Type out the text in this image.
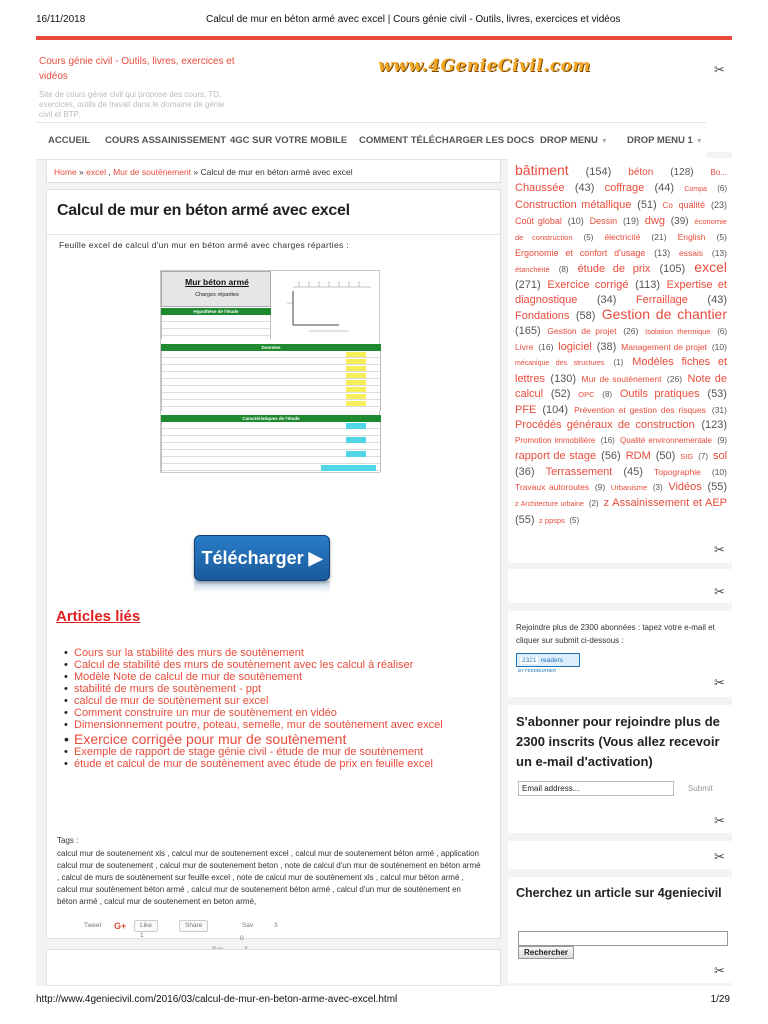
16/11/2018	Calcul de mur en béton armé avec excel | Cours génie civil - Outils, livres, exercices et vidéos
Cours génie civil - Outils, livres, exercices et vidéos
Site de cours génie civil qui propose des cours, TD, exercices, outils de travail dans le domaine de génie civil et BTP.
www.4GenieCivil.com	✂
ACCUEIL COURS ASSAINISSEMENT 4GC SUR VOTRE MOBILE COMMENT TÉLÉCHARGER LES DOCS DROP MENU ▼ DROP MENU 1 ▼
Home » excel , Mur de soutènement » Calcul de mur en béton armé avec excel
Calcul de mur en béton armé avec excel
Feuille excel de calcul d'un mur en béton armé avec charges réparties :
Mur béton armé
Charges réparties
Hypothèse de l'étude
Données
Caractéristiques de l'étude
Télécharger ▶
Articles liés
• Cours sur la stabilité des murs de soutènement
• Calcul de stabilité des murs de soutènement avec les calcul à réaliser
• Modèle Note de calcul de mur de soutènement
• stabilité de murs de soutènement - ppt
• calcul de mur de soutènement sur excel
• Comment construire un mur de soutènement en vidéo
• Dimensionnement poutre, poteau, semelle, mur de soutènement avec excel
• Exercice corrigée pour mur de soutènement
• Exemple de rapport de stage génie civil - étude de mur de soutènement
• étude et calcul de mur de soutènement avec étude de prix en feuille excel
Tags :
calcul mur de soutenement xls , calcul mur de soutenement excel , calcul mur de soutenement béton armé , application calcul mur de soutenement , calcul mur de soutenement beton , note de calcul d'un mur de soutènement en béton armé , calcul de murs de soutènement sur feuille excel , note de calcul mur de soutènement xls , calcul mur béton armé , calcul mur soutènement béton armé , calcul mur de soutenement béton armé , calcul d'un mur de soutènement en béton armé , calcul mur de soutenement en beton armé,
Tweet G+	Like 1
Share	Sav	3
0
bâtiment (154) béton (128) Bo... Chaussée (43) coffrage (44) Compa (6) Construction métallique (51) Co qualité (23) Coût global (10) Dessin (19) dwg (39) économie de construction (5) électricité (21) English (5) Ergonomie et confort d'usage (13) essais (13) étanchéité (8) étude de prix (105) excel (271) Exercice corrigé (113) Expertise et diagnostique (34) Ferraillage (43) Fondations (58) Gestion de chantier (165) Gestion de projet (26) Isolation thermique (6) Livre (16) logiciel (38) Management de projet (10) mécanique des structures (1) Modèles fiches et lettres (130) Mur de soutènement (26) Note de calcul (52) OPC (8) Outils pratiques (53) PFE (104) Prévention et gestion des risques (31) Procédés généraux de construction (123) Promotion immobilière (16) Qualité environnementale (9) rapport de stage (56) RDM (50) SIG (7) sol (36) Terrassement (45) Topographie (10) Travaux autoroutes (9) Urbanisme (3) Vidéos (55) z Architecture urbaine (2) z Assainissement et AEP (55) z ppsps (5)
✂
✂
Rejoindre plus de 2300 abonnées : tapez votre e-mail et cliquer sur submit ci-dessous :
2321 readers
BY FEEDBURNER
✂
S'abonner pour rejoindre plus de 2300 inscrits (Vous allez recevoir un e-mail d'activation)
Email address...
Submit
✂
✂
Cherchez un article sur 4geniecivil
Rechercher
✂
http://www.4geniecivil.com/2016/03/calcul-de-mur-en-beton-arme-avec-excel.html	1/29
